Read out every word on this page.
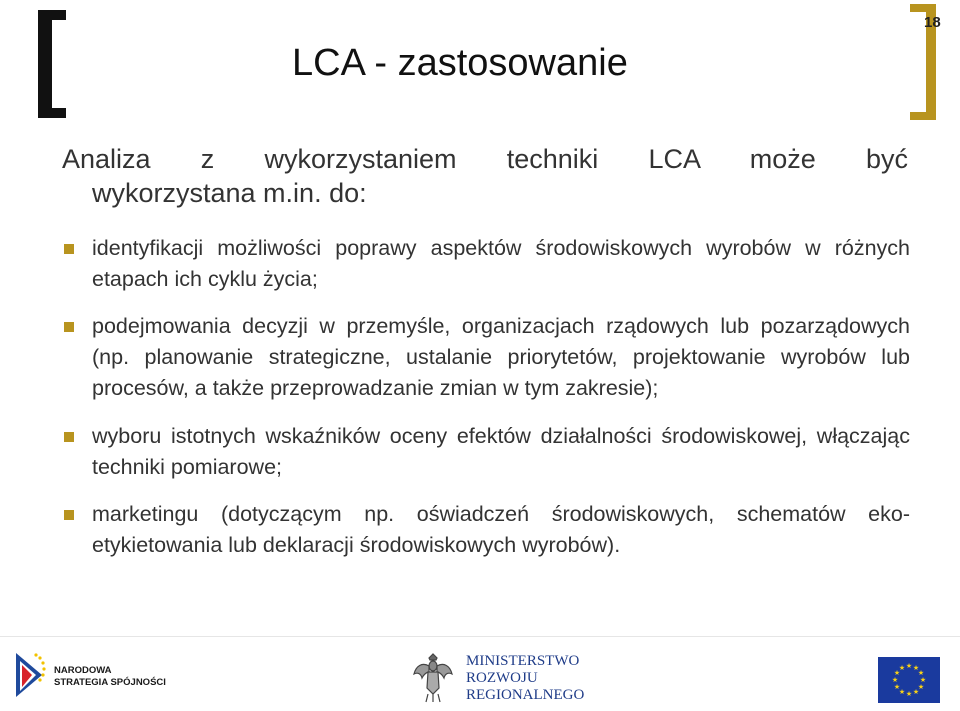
18
LCA - zastosowanie
Analiza z wykorzystaniem techniki LCA może być
wykorzystana m.in. do:
identyfikacji możliwości poprawy aspektów środowiskowych wyrobów w różnych etapach ich cyklu życia;
podejmowania decyzji w przemyśle, organizacjach rządowych lub pozarządowych (np. planowanie strategiczne, ustalanie priorytetów, projektowanie wyrobów lub procesów, a także przeprowadzanie zmian w tym zakresie);
wyboru istotnych wskaźników oceny efektów działalności środowiskowej, włączając techniki pomiarowe;
marketingu (dotyczącym np. oświadczeń środowiskowych, schematów eko-etykietowania lub deklaracji środowiskowych wyrobów).
NARODOWA
STRATEGIA SPÓJNOŚCI
MINISTERSTWO
ROZWOJU
REGIONALNEGO
★ ★
★
★
★
★
★
★
★
★
★
★
